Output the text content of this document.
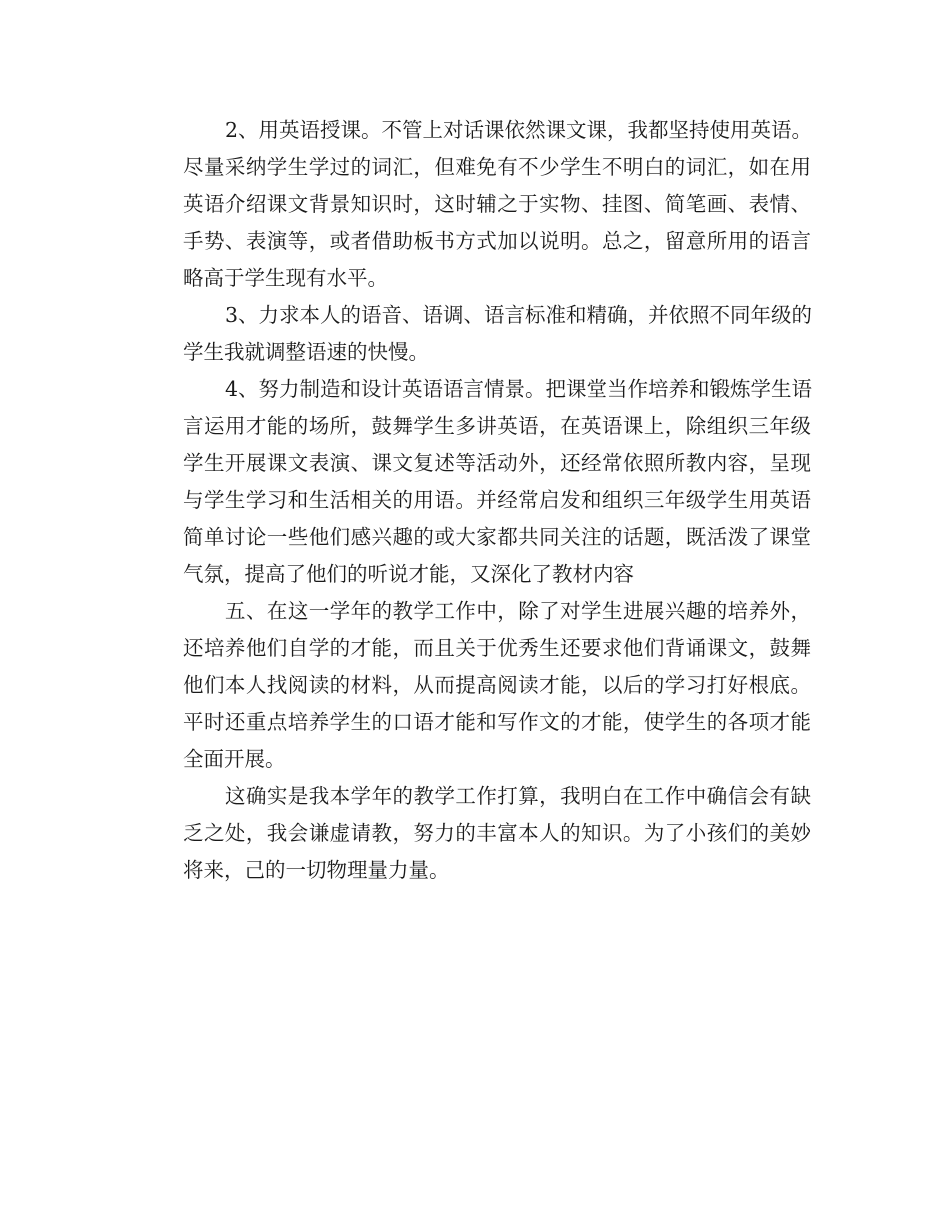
2、用英语授课。不管上对话课依然课文课，我都坚持使用英语。
尽量采纳学生学过的词汇，但难免有不少学生不明白的词汇，如在用
英语介绍课文背景知识时，这时辅之于实物、挂图、简笔画、表情、
手势、表演等，或者借助板书方式加以说明。总之，留意所用的语言
略高于学生现有水平。
3、力求本人的语音、语调、语言标准和精确，并依照不同年级的
学生我就调整语速的快慢。
4、努力制造和设计英语语言情景。把课堂当作培养和锻炼学生语
言运用才能的场所，鼓舞学生多讲英语，在英语课上，除组织三年级
学生开展课文表演、课文复述等活动外，还经常依照所教内容，呈现
与学生学习和生活相关的用语。并经常启发和组织三年级学生用英语
简单讨论一些他们感兴趣的或大家都共同关注的话题，既活泼了课堂
气氛，提高了他们的听说才能，又深化了教材内容
五、在这一学年的教学工作中，除了对学生进展兴趣的培养外，
还培养他们自学的才能，而且关于优秀生还要求他们背诵课文，鼓舞
他们本人找阅读的材料，从而提高阅读才能，以后的学习打好根底。
平时还重点培养学生的口语才能和写作文的才能，使学生的各项才能
全面开展。
这确实是我本学年的教学工作打算，我明白在工作中确信会有缺
乏之处，我会谦虚请教，努力的丰富本人的知识。为了小孩们的美妙
将来，己的一切物理量力量。
